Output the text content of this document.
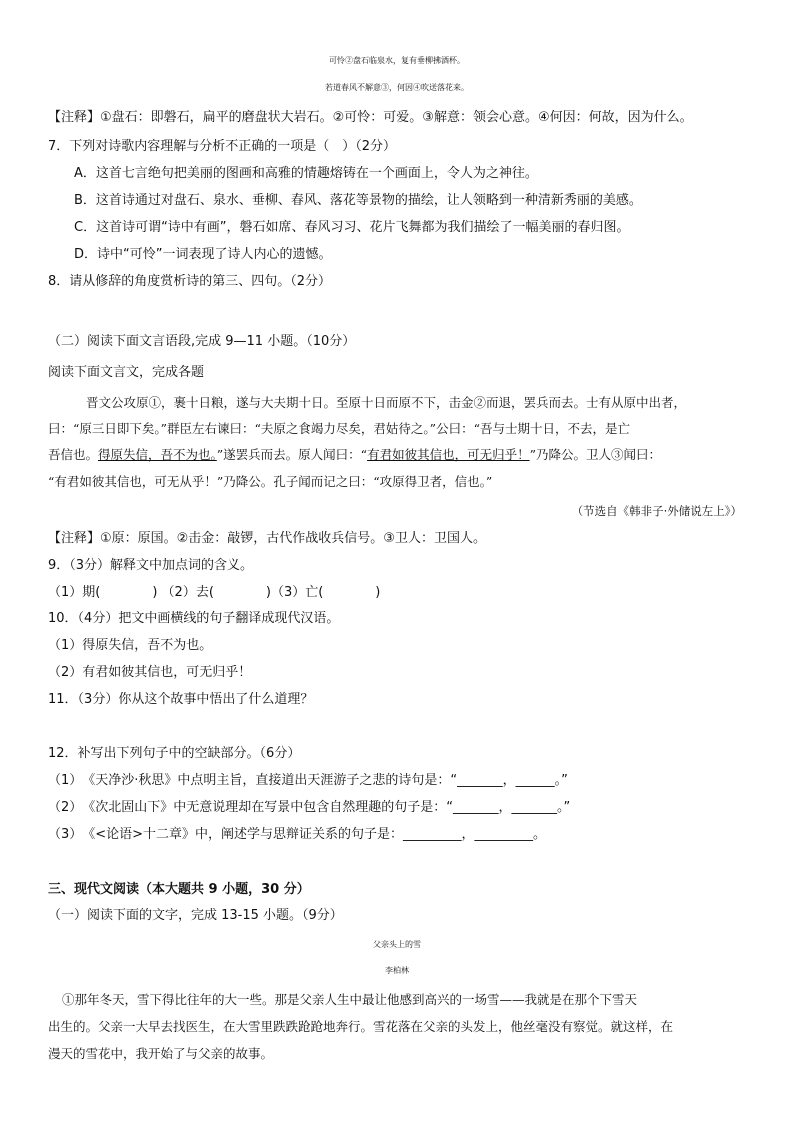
可怜②盘石临泉水，复有垂柳拂酒杯。
若道春风不解意③，何因④吹送落花来。
【注释】①盘石：即磐石，扁平的磨盘状大岩石。②可怜：可爱。③解意：领会心意。④何因：何故，因为什么。
7．下列对诗歌内容理解与分析不正确的一项是（　）（2分）
A．这首七言绝句把美丽的图画和高雅的情趣熔铸在一个画面上，令人为之神往。
B．这首诗通过对盘石、泉水、垂柳、春风、落花等景物的描绘，让人领略到一种清新秀丽的美感。
C．这首诗可谓“诗中有画”，磐石如席、春风习习、花片飞舞都为我们描绘了一幅美丽的春归图。
D．诗中“可怜”一词表现了诗人内心的遗憾。
8．请从修辞的角度赏析诗的第三、四句。（2分）
（二）阅读下面文言语段,完成 9—11 小题。（10分）
阅读下面文言文，完成各题
晋文公攻原①，裹十日粮，遂与大夫期十日。至原十日而原不下，击金②而退，罢兵而去。士有从原中出者，
曰：“原三日即下矣。”群臣左右谏曰：“夫原之食竭力尽矣，君姑待之。”公曰：“吾与士期十日，不去，是亡
吾信也。得原失信，吾不为也。”遂罢兵而去。原人闻曰：“有君如彼其信也，可无归乎！”乃降公。卫人③闻曰：
“有君如彼其信也，可无从乎！”乃降公。孔子闻而记之曰：“攻原得卫者，信也。”
（节选自《韩非子·外储说左上》）
【注释】①原：原国。②击金：敲锣，古代作战收兵信号。③卫人：卫国人。
9．（3分）解释文中加点词的含义。
（1）期(　　　　) （2）去(　　　　)（3）亡(　　　　)
10．（4分）把文中画横线的句子翻译成现代汉语。
（1）得原失信，吾不为也。
（2）有君如彼其信也，可无归乎！
11．（3分）你从这个故事中悟出了什么道理？
12．补写出下列句子中的空缺部分。（6分）
（1）　《天净沙·秋思》中点明主旨，直接道出天涯游子之悲的诗句是：“_______，______。”
（2）　《次北固山下》中无意说理却在写景中包含自然理趣的句子是：“_______，_______。”
（3）　《<论语>十二章》中，阐述学与思辩证关系的句子是：_________，_________。
三、现代文阅读（本大题共 9 小题，30 分）
（一）阅读下面的文字，完成 13-15 小题。（9分）
父亲头上的雪
李柏林
①那年冬天，雪下得比往年的大一些。那是父亲人生中最让他感到高兴的一场雪——我就是在那个下雪天
出生的。父亲一大早去找医生，在大雪里跌跌跄跄地奔行。雪花落在父亲的头发上，他丝毫没有察觉。就这样，在
漫天的雪花中，我开始了与父亲的故事。
